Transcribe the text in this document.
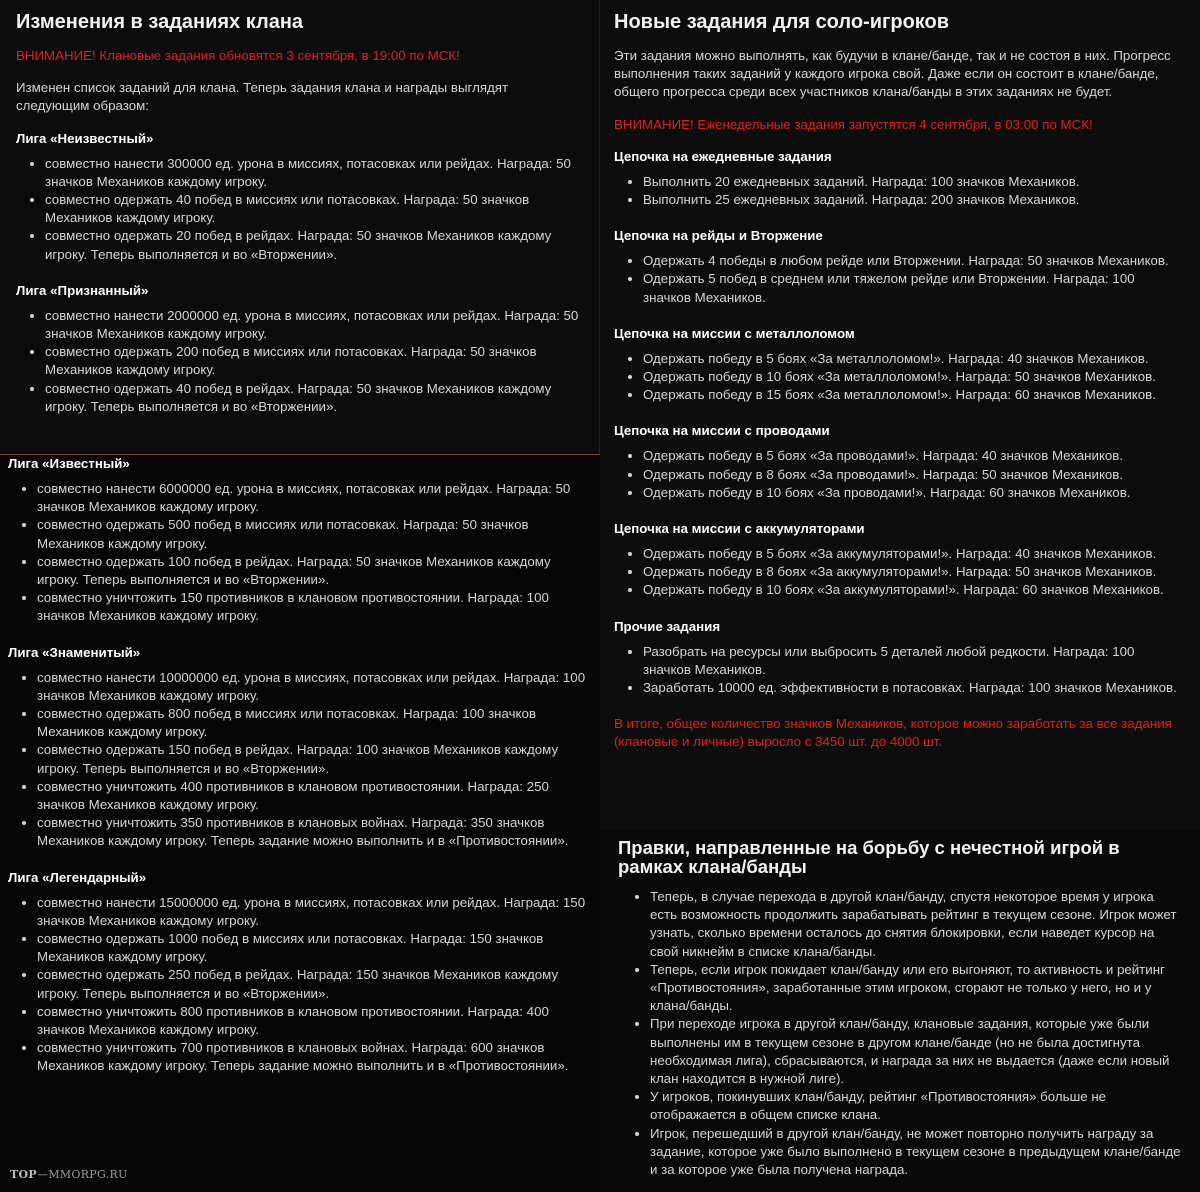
Изменения в заданиях клана

ВНИМАНИЕ! Клановые задания обновятся 3 сентября, в 19:00 по МСК!

Изменен список заданий для клана. Теперь задания клана и награды выглядят следующим образом:

Лига «Неизвестный»
• совместно нанести 300000 ед. урона в миссиях, потасовках или рейдах. Награда: 50 значков Механиков каждому игроку.
• совместно одержать 40 побед в миссиях или потасовках. Награда: 50 значков Механиков каждому игроку.
• совместно одержать 20 побед в рейдах. Награда: 50 значков Механиков каждому игроку. Теперь выполняется и во «Вторжении».
Лига «Признанный»
• совместно нанести 2000000 ед. урона в миссиях, потасовках или рейдах. Награда: 50 значков Механиков каждому игроку.
• совместно одержать 200 побед в миссиях или потасовках. Награда: 50 значков Механиков каждому игроку.
• совместно одержать 40 побед в рейдах. Награда: 50 значков Механиков каждому игроку. Теперь выполняется и во «Вторжении».
Лига «Известный»
• совместно нанести 6000000 ед. урона в миссиях, потасовках или рейдах. Награда: 50 значков Механиков каждому игроку.
• совместно одержать 500 побед в миссиях или потасовках. Награда: 50 значков Механиков каждому игроку.
• совместно одержать 100 побед в рейдах. Награда: 50 значков Механиков каждому игроку. Теперь выполняется и во «Вторжении».
• совместно уничтожить 150 противников в клановом противостоянии. Награда: 100 значков Механиков каждому игроку.
Лига «Знаменитый»
• совместно нанести 10000000 ед. урона в миссиях, потасовках или рейдах. Награда: 100 значков Механиков каждому игроку.
• совместно одержать 800 побед в миссиях или потасовках. Награда: 100 значков Механиков каждому игроку.
• совместно одержать 150 побед в рейдах. Награда: 100 значков Механиков каждому игроку. Теперь выполняется и во «Вторжении».
• совместно уничтожить 400 противников в клановом противостоянии. Награда: 250 значков Механиков каждому игроку.
• совместно уничтожить 350 противников в клановых войнах. Награда: 350 значков Механиков каждому игроку. Теперь задание можно выполнить и в «Противостоянии».
Лига «Легендарный»
• совместно нанести 15000000 ед. урона в миссиях, потасовках или рейдах. Награда: 150 значков Механиков каждому игроку.
• совместно одержать 1000 побед в миссиях или потасовках. Награда: 150 значков Механиков каждому игроку.
• совместно одержать 250 побед в рейдах. Награда: 150 значков Механиков каждому игроку. Теперь выполняется и во «Вторжении».
• совместно уничтожить 800 противников в клановом противостоянии. Награда: 400 значков Механиков каждому игроку.
• совместно уничтожить 700 противников в клановых войнах. Награда: 600 значков Механиков каждому игроку. Теперь задание можно выполнить и в «Противостоянии».
TOP—MMORPG.RU
Новые задания для соло-игроков

Эти задания можно выполнять, как будучи в клане/банде, так и не состоя в них. Прогресс выполнения таких заданий у каждого игрока свой. Даже если он состоит в клане/банде, общего прогресса среди всех участников клана/банды в этих заданиях не будет.

ВНИМАНИЕ! Еженедельные задания запустятся 4 сентября, в 03:00 по МСК!

Цепочка на ежедневные задания
• Выполнить 20 ежедневных заданий. Награда: 100 значков Механиков.
• Выполнить 25 ежедневных заданий. Награда: 200 значков Механиков.
Цепочка на рейды и Вторжение
• Одержать 4 победы в любом рейде или Вторжении. Награда: 50 значков Механиков.
• Одержать 5 побед в среднем или тяжелом рейде или Вторжении. Награда: 100 значков Механиков.
Цепочка на миссии с металлоломом
• Одержать победу в 5 боях «За металлоломом!». Награда: 40 значков Механиков.
• Одержать победу в 10 боях «За металлоломом!». Награда: 50 значков Механиков.
• Одержать победу в 15 боях «За металлоломом!». Награда: 60 значков Механиков.
Цепочка на миссии с проводами
• Одержать победу в 5 боях «За проводами!». Награда: 40 значков Механиков.
• Одержать победу в 8 боях «За проводами!». Награда: 50 значков Механиков.
• Одержать победу в 10 боях «За проводами!». Награда: 60 значков Механиков.
Цепочка на миссии с аккумуляторами
• Одержать победу в 5 боях «За аккумуляторами!». Награда: 40 значков Механиков.
• Одержать победу в 8 боях «За аккумуляторами!». Награда: 50 значков Механиков.
• Одержать победу в 10 боях «За аккумуляторами!». Награда: 60 значков Механиков.
Прочие задания
• Разобрать на ресурсы или выбросить 5 деталей любой редкости. Награда: 100 значков Механиков.
• Заработать 10000 ед. эффективности в потасовках. Награда: 100 значков Механиков.

В итоге, общее количество значков Механиков, которое можно заработать за все задания (клановые и личные) выросло с 3450 шт. до 4000 шт.

Правки, направленные на борьбу с нечестной игрой в рамках клана/банды
• Теперь, в случае перехода в другой клан/банду, спустя некоторое время у игрока есть возможность продолжить зарабатывать рейтинг в текущем сезоне. Игрок может узнать, сколько времени осталось до снятия блокировки, если наведет курсор на свой никнейм в списке клана/банды.
• Теперь, если игрок покидает клан/банду или его выгоняют, то активность и рейтинг «Противостояния», заработанные этим игроком, сгорают не только у него, но и у клана/банды.
• При переходе игрока в другой клан/банду, клановые задания, которые уже были выполнены им в текущем сезоне в другом клане/банде (но не была достигнута необходимая лига), сбрасываются, и награда за них не выдается (даже если новый клан находится в нужной лиге).
• У игроков, покинувших клан/банду, рейтинг «Противостояния» больше не отображается в общем списке клана.
• Игрок, перешедший в другой клан/банду, не может повторно получить награду за задание, которое уже было выполнено в текущем сезоне в предыдущем клане/банде и за которое уже была получена награда.
